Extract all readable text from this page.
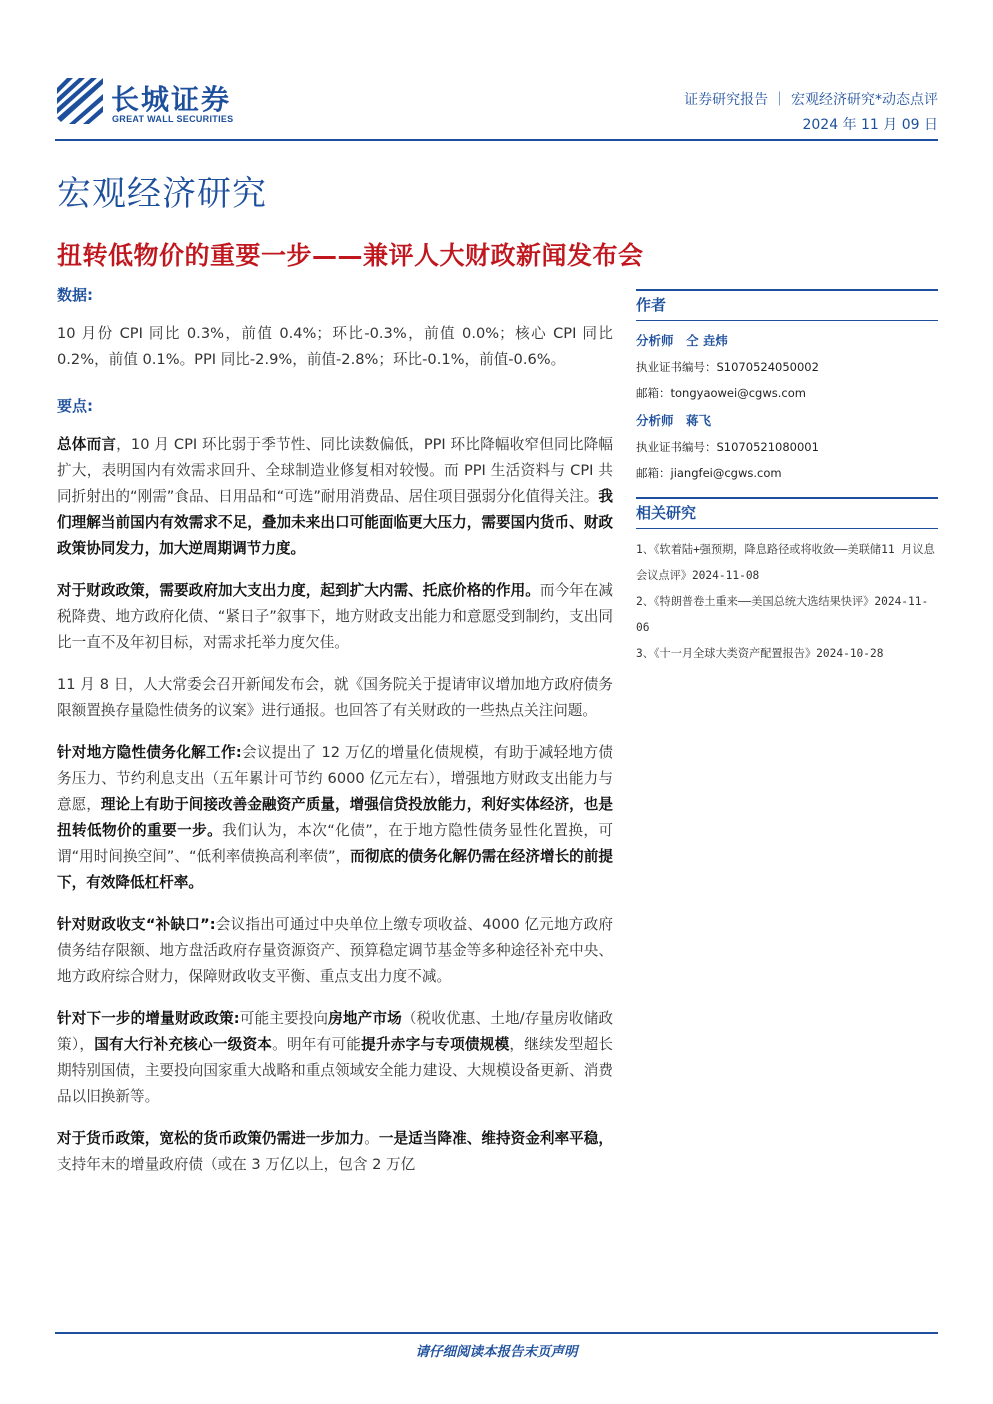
长城证券
GREAT WALL SECURITIES
证券研究报告 ｜ 宏观经济研究*动态点评
2024 年 11 月 09 日
宏观经济研究
扭转低物价的重要一步——兼评人大财政新闻发布会

数据:

10 月份 CPI 同比 0.3%，前值 0.4%；环比-0.3%，前值 0.0%；核心 CPI 同比 0.2%，前值 0.1%。PPI 同比-2.9%，前值-2.8%；环比-0.1%，前值-0.6%。

要点:

总体而言，10 月 CPI 环比弱于季节性、同比读数偏低，PPI 环比降幅收窄但同比降幅扩大，表明国内有效需求回升、全球制造业修复相对较慢。而 PPI 生活资料与 CPI 共同折射出的“刚需”食品、日用品和“可选”耐用消费品、居住项目强弱分化值得关注。我们理解当前国内有效需求不足，叠加未来出口可能面临更大压力，需要国内货币、财政政策协同发力，加大逆周期调节力度。

对于财政政策，需要政府加大支出力度，起到扩大内需、托底价格的作用。而今年在减税降费、地方政府化债、“紧日子”叙事下，地方财政支出能力和意愿受到制约，支出同比一直不及年初目标，对需求托举力度欠佳。

11 月 8 日，人大常委会召开新闻发布会，就《国务院关于提请审议增加地方政府债务限额置换存量隐性债务的议案》进行通报。也回答了有关财政的一些热点关注问题。

针对地方隐性债务化解工作:会议提出了 12 万亿的增量化债规模，有助于减轻地方债务压力、节约利息支出（五年累计可节约 6000 亿元左右），增强地方财政支出能力与意愿，理论上有助于间接改善金融资产质量，增强信贷投放能力，利好实体经济，也是扭转低物价的重要一步。我们认为，本次“化债”，在于地方隐性债务显性化置换，可谓“用时间换空间”、“低利率债换高利率债”，而彻底的债务化解仍需在经济增长的前提下，有效降低杠杆率。

针对财政收支“补缺口”:会议指出可通过中央单位上缴专项收益、4000 亿元地方政府债务结存限额、地方盘活政府存量资源资产、预算稳定调节基金等多种途径补充中央、地方政府综合财力，保障财政收支平衡、重点支出力度不减。

针对下一步的增量财政政策:可能主要投向房地产市场（税收优惠、土地/存量房收储政策），国有大行补充核心一级资本。明年有可能提升赤字与专项债规模，继续发型超长期特别国债，主要投向国家重大战略和重点领域安全能力建设、大规模设备更新、消费品以旧换新等。

对于货币政策，宽松的货币政策仍需进一步加力。一是适当降准、维持资金利率平稳，支持年末的增量政府债（或在 3 万亿以上，包含 2 万亿

作者
分析师　仝 垚炜
执业证书编号：S1070524050002
邮箱：tongyaowei@cgws.com
分析师　蒋飞
执业证书编号：S1070521080001
邮箱：jiangfei@cgws.com
相关研究
1、《软着陆+强预期，降息路径或将收敛——美联储11 月议息会议点评》2024-11-08
2、《特朗普卷土重来——美国总统大选结果快评》2024-11-06
3、《十一月全球大类资产配置报告》2024-10-28
请仔细阅读本报告末页声明
